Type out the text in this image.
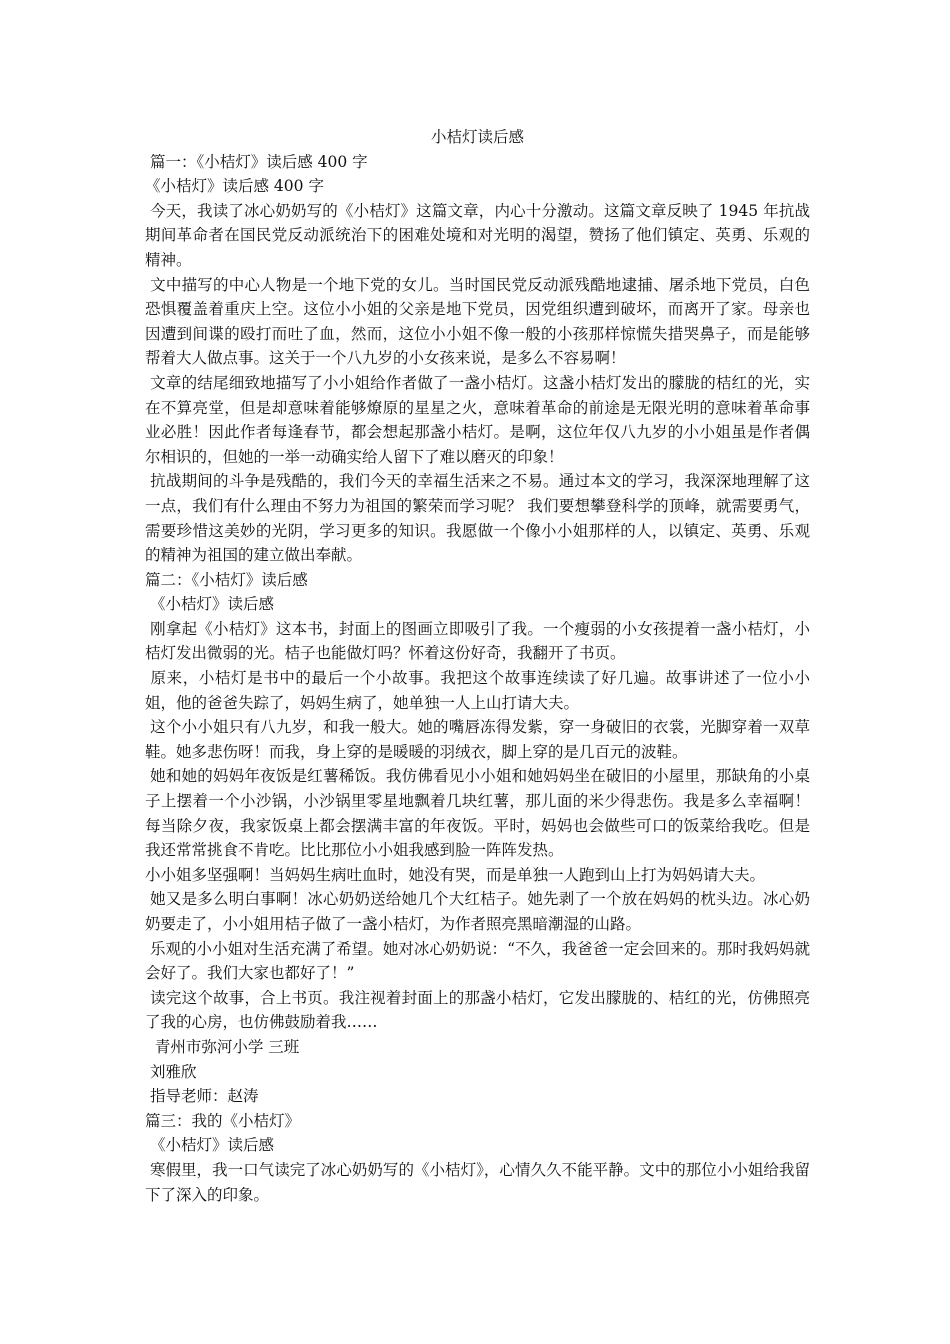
小桔灯读后感

篇一：《小桔灯》读后感 400 字

《小桔灯》读后感 400 字

今天，我读了冰心奶奶写的《小桔灯》这篇文章，内心十分激动。这篇文章反映了 1945 年抗战期间革命者在国民党反动派统治下的困难处境和对光明的渴望，赞扬了他们镇定、英勇、乐观的精神。

文中描写的中心人物是一个地下党的女儿。当时国民党反动派残酷地逮捕、屠杀地下党员，白色恐惧覆盖着重庆上空。这位小小姐的父亲是地下党员，因党组织遭到破坏，而离开了家。母亲也因遭到间谍的殴打而吐了血，然而，这位小小姐不像一般的小孩那样惊慌失措哭鼻子，而是能够帮着大人做点事。这关于一个八九岁的小女孩来说，是多么不容易啊！

文章的结尾细致地描写了小小姐给作者做了一盏小桔灯。这盏小桔灯发出的朦胧的桔红的光，实在不算亮堂，但是却意味着能够燎原的星星之火，意味着革命的前途是无限光明的意味着革命事业必胜！因此作者每逢春节，都会想起那盏小桔灯。是啊，这位年仅八九岁的小小姐虽是作者偶尔相识的，但她的一举一动确实给人留下了难以磨灭的印象！

抗战期间的斗争是残酷的，我们今天的幸福生活来之不易。通过本文的学习，我深深地理解了这一点，我们有什么理由不努力为祖国的繁荣而学习呢？ 我们要想攀登科学的顶峰，就需要勇气，需要珍惜这美妙的光阴，学习更多的知识。我愿做一个像小小姐那样的人，以镇定、英勇、乐观的精神为祖国的建立做出奉献。

篇二：《小桔灯》读后感

《小桔灯》读后感

刚拿起《小桔灯》这本书，封面上的图画立即吸引了我。一个瘦弱的小女孩提着一盏小桔灯，小桔灯发出微弱的光。桔子也能做灯吗？怀着这份好奇，我翻开了书页。

原来，小桔灯是书中的最后一个小故事。我把这个故事连续读了好几遍。故事讲述了一位小小姐，他的爸爸失踪了，妈妈生病了，她单独一人上山打请大夫。

这个小小姐只有八九岁，和我一般大。她的嘴唇冻得发紫，穿一身破旧的衣裳，光脚穿着一双草鞋。她多悲伤呀！而我，身上穿的是暖暖的羽绒衣，脚上穿的是几百元的波鞋。

她和她的妈妈年夜饭是红薯稀饭。我仿佛看见小小姐和她妈妈坐在破旧的小屋里，那缺角的小桌子上摆着一个小沙锅，小沙锅里零星地飘着几块红薯，那儿面的米少得悲伤。我是多么幸福啊！每当除夕夜，我家饭桌上都会摆满丰富的年夜饭。平时，妈妈也会做些可口的饭菜给我吃。但是我还常常挑食不肯吃。比比那位小小姐我感到脸一阵阵发热。

小小姐多坚强啊！当妈妈生病吐血时，她没有哭，而是单独一人跑到山上打为妈妈请大夫。

她又是多么明白事啊！冰心奶奶送给她几个大红桔子。她先剥了一个放在妈妈的枕头边。冰心奶奶要走了，小小姐用桔子做了一盏小桔灯，为作者照亮黑暗潮湿的山路。

乐观的小小姐对生活充满了希望。她对冰心奶奶说：“不久，我爸爸一定会回来的。那时我妈妈就会好了。我们大家也都好了！”

读完这个故事，合上书页。我注视着封面上的那盏小桔灯，它发出朦胧的、桔红的光，仿佛照亮了我的心房，也仿佛鼓励着我……

青州市弥河小学 三班

刘雅欣

指导老师：赵涛

篇三：我的《小桔灯》

《小桔灯》读后感

寒假里，我一口气读完了冰心奶奶写的《小桔灯》，心情久久不能平静。文中的那位小小姐给我留下了深入的印象。
